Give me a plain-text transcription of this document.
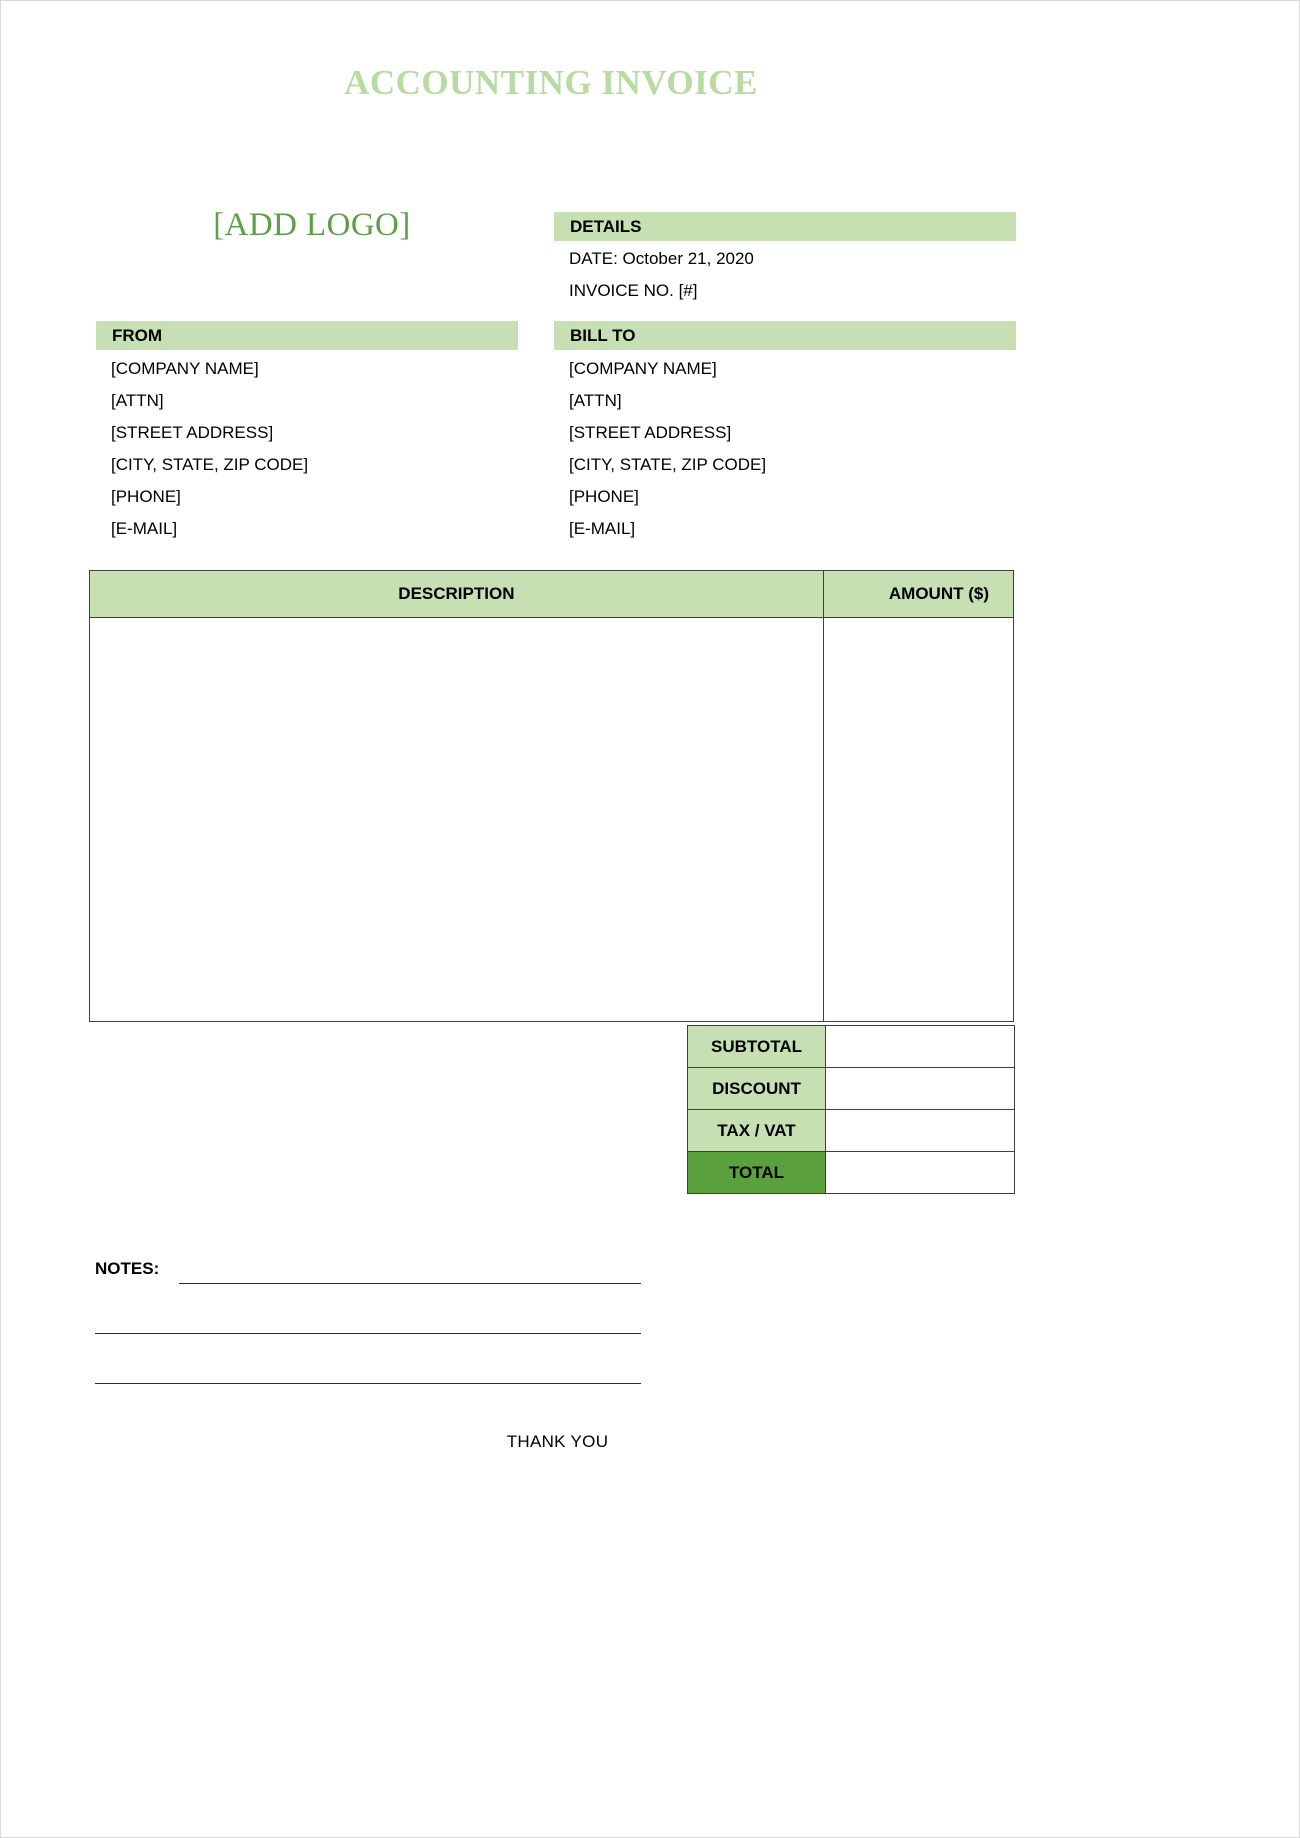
ACCOUNTING INVOICE
[ADD LOGO]	DETAILS
DATE: October 21, 2020
INVOICE NO. [#]
FROM
[COMPANY NAME]
[ATTN]
[STREET ADDRESS]
[CITY, STATE, ZIP CODE]
[PHONE]
[E-MAIL]
BILL TO
[COMPANY NAME]
[ATTN]
[STREET ADDRESS]
[CITY, STATE, ZIP CODE]
[PHONE]
[E-MAIL]
DESCRIPTION	AMOUNT ($)

SUBTOTAL	
DISCOUNT	
TAX / VAT	
TOTAL	
NOTES:
THANK YOU
